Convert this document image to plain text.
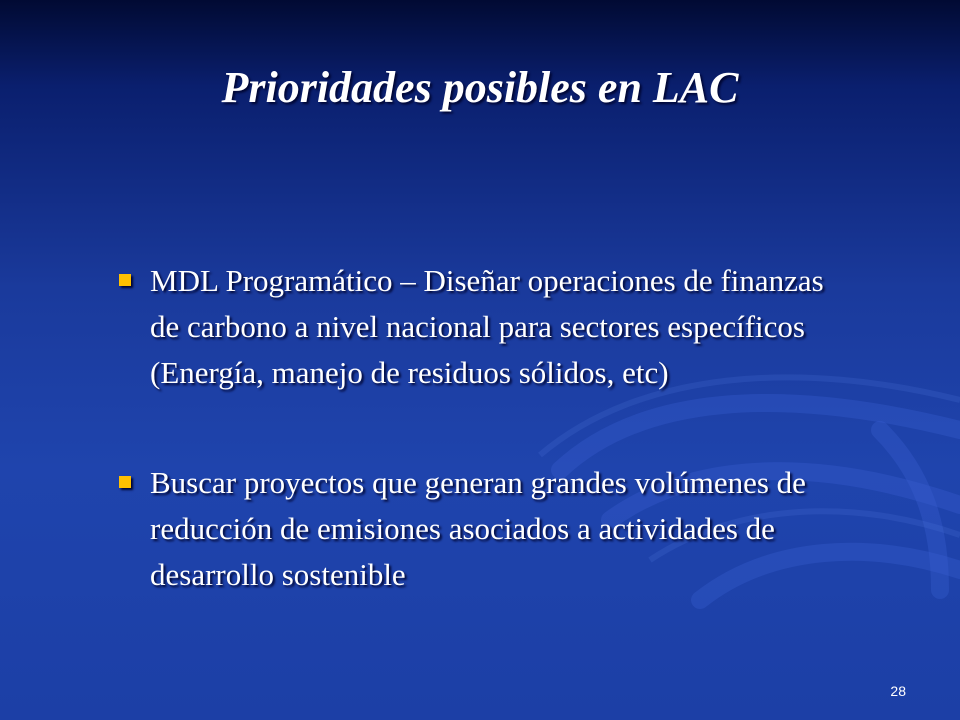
Prioridades posibles en LAC
MDL Programático – Diseñar operaciones de finanzas de carbono a nivel nacional para sectores específicos (Energía, manejo de residuos sólidos, etc)
Buscar proyectos que generan grandes volúmenes de reducción de emisiones asociados a actividades de desarrollo sostenible
28
